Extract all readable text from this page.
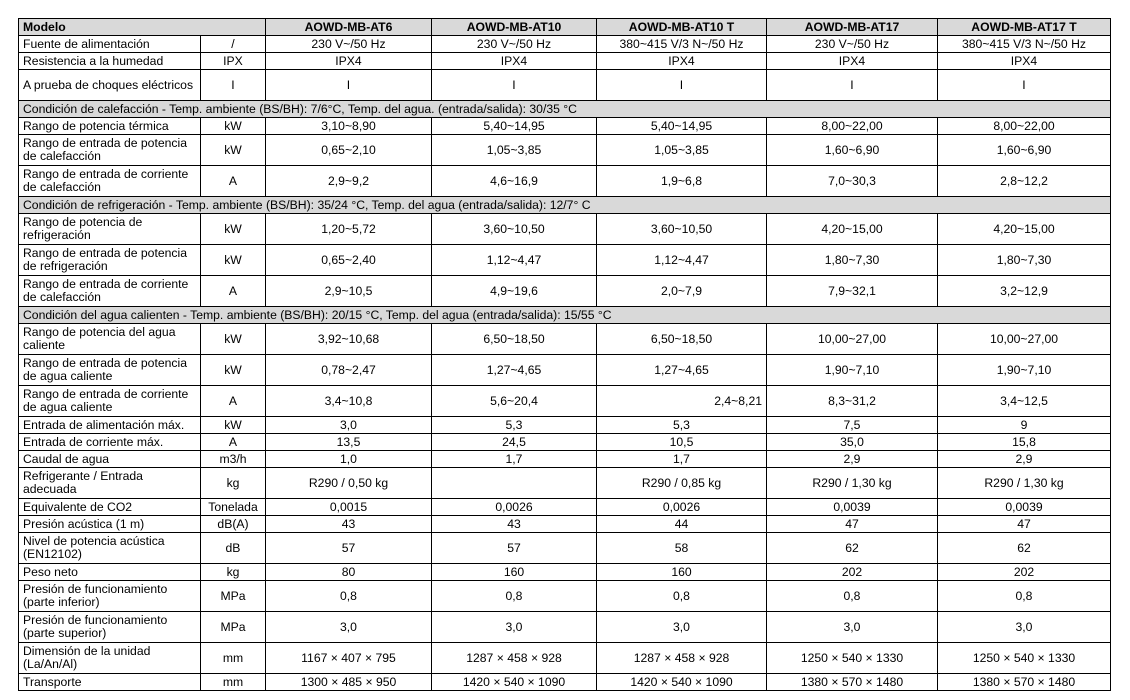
Modelo		AOWD-MB-AT6	AOWD-MB-AT10	AOWD-MB-AT10 T	AOWD-MB-AT17	AOWD-MB-AT17 T
Fuente de alimentación	/	230 V~/50 Hz	230 V~/50 Hz	380~415 V/3 N~/50 Hz	230 V~/50 Hz	380~415 V/3 N~/50 Hz
Resistencia a la humedad	IPX	IPX4	IPX4	IPX4	IPX4	IPX4
A prueba de choques eléctricos	I	I	I	I	I	I
Condición de calefacción - Temp. ambiente (BS/BH): 7/6°C, Temp. del agua. (entrada/salida): 30/35 °C						
Rango de potencia térmica	kW	3,10~8,90	5,40~14,95	5,40~14,95	8,00~22,00	8,00~22,00
Rango de entrada de potencia de calefacción	kW	0,65~2,10	1,05~3,85	1,05~3,85	1,60~6,90	1,60~6,90
Rango de entrada de corriente de calefacción	A	2,9~9,2	4,6~16,9	1,9~6,8	7,0~30,3	2,8~12,2
Condición de refrigeración - Temp. ambiente (BS/BH): 35/24 °C, Temp. del agua (entrada/salida): 12/7° C						
Rango de potencia de refrigeración	kW	1,20~5,72	3,60~10,50	3,60~10,50	4,20~15,00	4,20~15,00
Rango de entrada de potencia de refrigeración	kW	0,65~2,40	1,12~4,47	1,12~4,47	1,80~7,30	1,80~7,30
Rango de entrada de corriente de calefacción	A	2,9~10,5	4,9~19,6	2,0~7,9	7,9~32,1	3,2~12,9
Condición del agua calienten - Temp. ambiente (BS/BH): 20/15 °C, Temp. del agua (entrada/salida): 15/55 °C						
Rango de potencia del agua caliente	kW	3,92~10,68	6,50~18,50	6,50~18,50	10,00~27,00	10,00~27,00
Rango de entrada de potencia de agua caliente	kW	0,78~2,47	1,27~4,65	1,27~4,65	1,90~7,10	1,90~7,10
Rango de entrada de corriente de agua caliente	A	3,4~10,8	5,6~20,4	2,4~8,21	8,3~31,2	3,4~12,5
Entrada de alimentación máx.	kW	3,0	5,3	5,3	7,5	9
Entrada de corriente máx.	A	13,5	24,5	10,5	35,0	15,8
Caudal de agua	m3/h	1,0	1,7	1,7	2,9	2,9
Refrigerante / Entrada adecuada	kg	R290 / 0,50 kg		R290 / 0,85 kg	R290 / 1,30 kg	R290 / 1,30 kg
Equivalente de CO2	Tonelada	0,0015	0,0026	0,0026	0,0039	0,0039
Presión acústica (1 m)	dB(A)	43	43	44	47	47
Nivel de potencia acústica (EN12102)	dB	57	57	58	62	62
Peso neto	kg	80	160	160	202	202
Presión de funcionamiento (parte inferior)	MPa	0,8	0,8	0,8	0,8	0,8
Presión de funcionamiento (parte superior)	MPa	3,0	3,0	3,0	3,0	3,0
Dimensión de la unidad (La/An/Al)	mm	1167 × 407 × 795	1287 × 458 × 928	1287 × 458 × 928	1250 × 540 × 1330	1250 × 540 × 1330
Transporte	mm	1300 × 485 × 950	1420 × 540 × 1090	1420 × 540 × 1090	1380 × 570 × 1480	1380 × 570 × 1480
